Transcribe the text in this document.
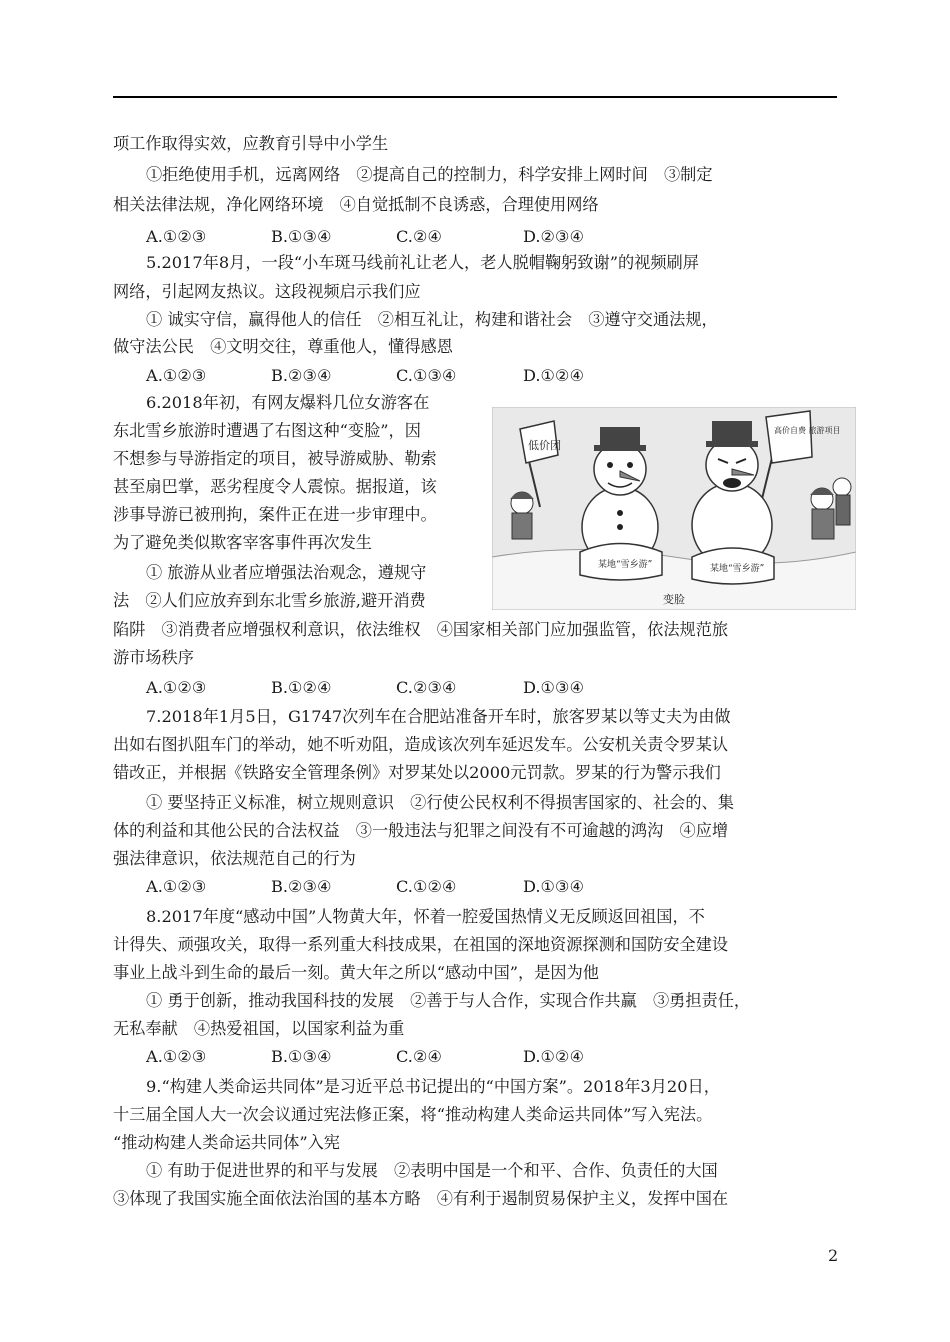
项工作取得实效，应教育引导中小学生
①拒绝使用手机，远离网络　②提高自己的控制力，科学安排上网时间　③制定
相关法律法规，净化网络环境　④自觉抵制不良诱惑，合理使用网络
5.2017年8月，一段“小车斑马线前礼让老人，老人脱帽鞠躬致谢”的视频刷屏
网络，引起网友热议。这段视频启示我们应
① 诚实守信，赢得他人的信任　②相互礼让，构建和谐社会　③遵守交通法规，
做守法公民　④文明交往，尊重他人，懂得感恩
6.2018年初，有网友爆料几位女游客在
东北雪乡旅游时遭遇了右图这种“变脸”，因
不想参与导游指定的项目，被导游威胁、勒索
甚至扇巴掌，恶劣程度令人震惊。据报道，该
涉事导游已被刑拘，案件正在进一步审理中。
为了避免类似欺客宰客事件再次发生
① 旅游从业者应增强法治观念，遵规守
法　②人们应放弃到东北雪乡旅游,避开消费
陷阱　③消费者应增强权利意识，依法维权　④国家相关部门应加强监管，依法规范旅
游市场秩序
7.2018年1月5日，G1747次列车在合肥站准备开车时，旅客罗某以等丈夫为由做
出如右图扒阻车门的举动，她不听劝阻，造成该次列车延迟发车。公安机关责令罗某认
错改正，并根据《铁路安全管理条例》对罗某处以2000元罚款。罗某的行为警示我们
① 要坚持正义标准，树立规则意识　②行使公民权利不得损害国家的、社会的、集
体的利益和其他公民的合法权益　③一般违法与犯罪之间没有不可逾越的鸿沟　④应增
强法律意识，依法规范自己的行为
8.2017年度“感动中国”人物黄大年，怀着一腔爱国热情义无反顾返回祖国，不
计得失、顽强攻关，取得一系列重大科技成果，在祖国的深地资源探测和国防安全建设
事业上战斗到生命的最后一刻。黄大年之所以“感动中国”，是因为他
① 勇于创新，推动我国科技的发展　②善于与人合作，实现合作共赢　③勇担责任，
无私奉献　④热爱祖国，以国家利益为重
9.“构建人类命运共同体”是习近平总书记提出的“中国方案”。2018年3月20日，
十三届全国人大一次会议通过宪法修正案，将“推动构建人类命运共同体”写入宪法。
“推动构建人类命运共同体”入宪
① 有助于促进世界的和平与发展　②表明中国是一个和平、合作、负责任的大国
③体现了我国实施全面依法治国的基本方略　④有利于遏制贸易保护主义，发挥中国在
A.①②③	B.①③④	C.②④	D.②③④
A.①②③	B.②③④	C.①③④	D.①②④
A.①②③	B.①②④	C.②③④	D.①③④
A.①②③	B.②③④	C.①②④	D.①③④
A.①②③	B.①③④	C.②④	D.①②④
低价团
某地“雪乡游”
高价自费 旅游项目
某地“雪乡游”
变脸
2
